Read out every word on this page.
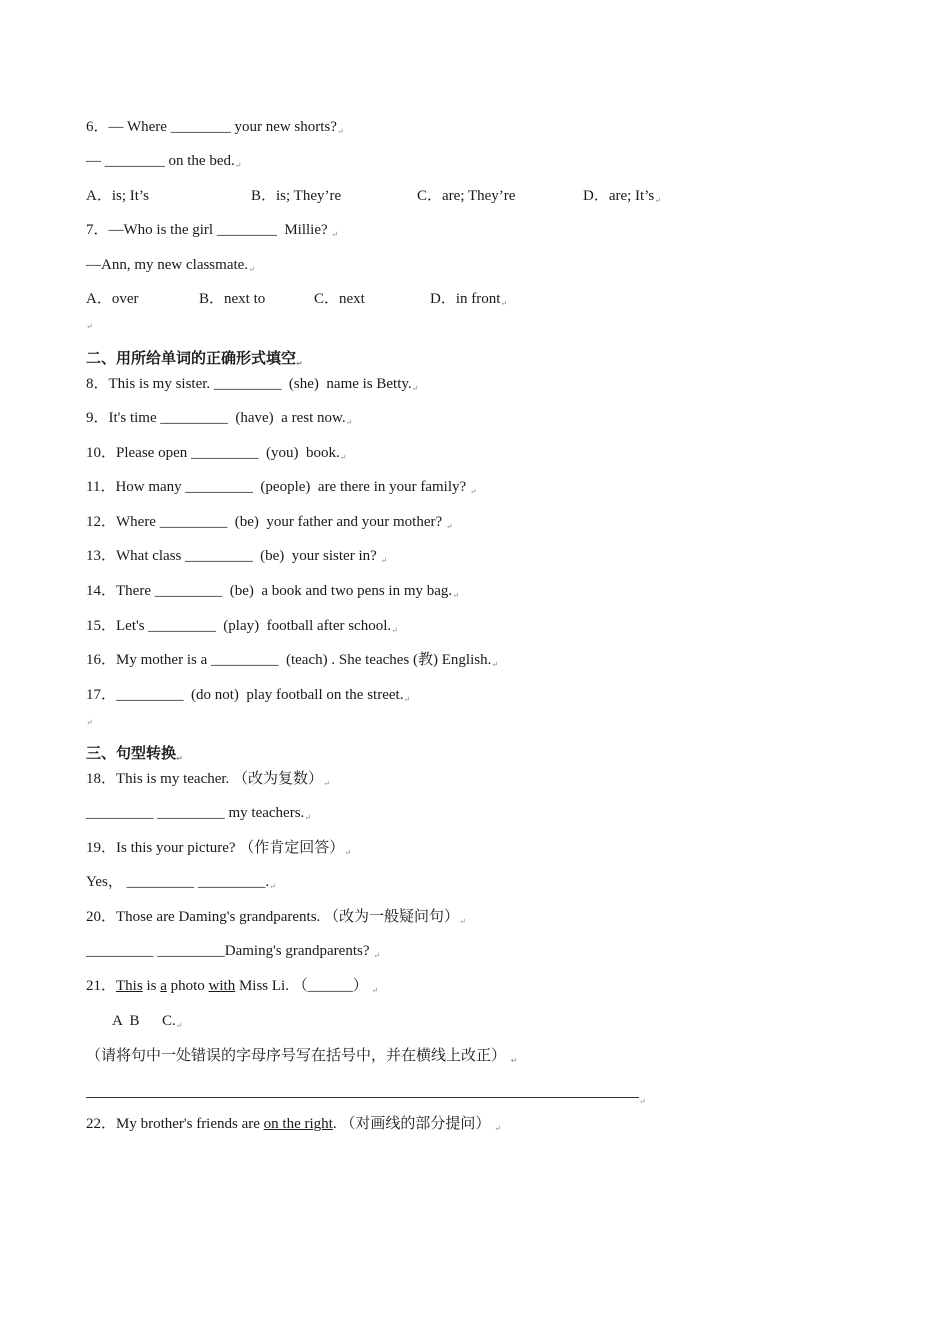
6．— Where ________ your new $shorts?_↵$
— ________ on the $bed._↵$
A．is; It’s	B．is; They’re	C．are; They’re	D．are; $It’s_↵$
7．—Who is the girl ________  Millie? $_↵$
—Ann, my new $classmate._↵$
A．over	B．next to	C．next	D．in front$_↵$
$_↵$
二、用所给单词的正确形式填空$_↵$
8．This is my sister. _________  (she)  name is $Betty._↵$
9．It's time _________  (have)  a rest $now._↵$
10．Please open _________  (you)  $book._↵$
11．How many _________  (people)  are there in your family? $_↵$
12．Where _________  (be)  your father and your mother? $_↵$
13．What class _________  (be)  your sister in? $_↵$
14．There _________  (be)  a book and two pens in my $bag._↵$
15．Let's _________  (play)  football after $school._↵$
16．My mother is a _________  (teach) . She teaches (教) $English._↵$
17．_________  (do not)  play football on the $street._↵$
$_↵$
三、句型转换$_↵$
18．This is my teacher. （改为复数）$_↵$
_________ _________ my $teachers._↵$
19．Is this your picture? （作肯定回答）$_↵$
Yes， _________ $\_\_\_\_\_\_\_\_\_._↵$
20．Those are Daming's grandparents. （改为一般疑问句）$_↵$
_________ _________Daming's grandparents? $_↵$
21．This is a photo with Miss Li. （______） $_↵$
A  B      $C._↵$
（请将句中一处错误的字母序号写在括号中，并在横线上改正） $_↵$
$_↵$
22．My brother's friends are on the right. （对画线的部分提问） $_↵$
